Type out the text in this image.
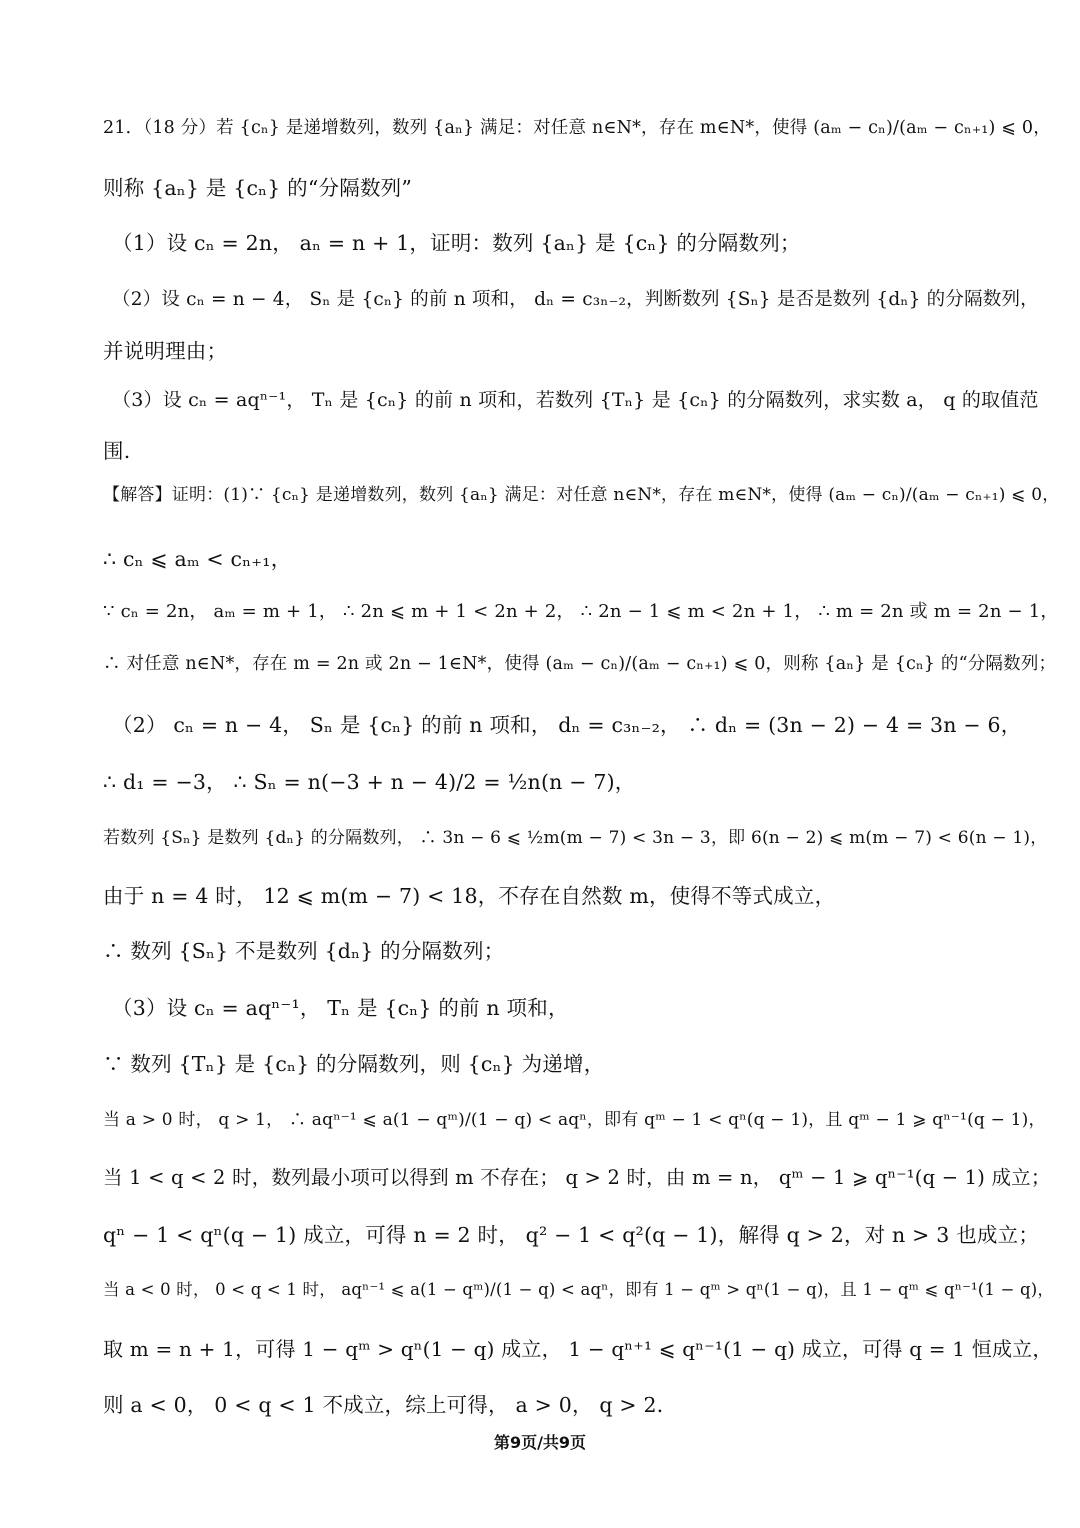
21．（18 分）若 {cₙ} 是递增数列，数列 {aₙ} 满足：对任意 n∈N*，存在 m∈N*，使得 (aₘ − cₙ)/(aₘ − cₙ₊₁) ⩽ 0，
则称 {aₙ} 是 {cₙ} 的“分隔数列”
（1）设 cₙ = 2n， aₙ = n + 1，证明：数列 {aₙ} 是 {cₙ} 的分隔数列；
（2）设 cₙ = n − 4， Sₙ 是 {cₙ} 的前 n 项和， dₙ = c₃ₙ₋₂，判断数列 {Sₙ} 是否是数列 {dₙ} 的分隔数列，
并说明理由；
（3）设 cₙ = aqⁿ⁻¹， Tₙ 是 {cₙ} 的前 n 项和，若数列 {Tₙ} 是 {cₙ} 的分隔数列，求实数 a， q 的取值范
围.
【解答】证明：(1)∵ {cₙ} 是递增数列，数列 {aₙ} 满足：对任意 n∈N*，存在 m∈N*，使得 (aₘ − cₙ)/(aₘ − cₙ₊₁) ⩽ 0，
∴ cₙ ⩽ aₘ < cₙ₊₁，
∵ cₙ = 2n， aₘ = m + 1， ∴ 2n ⩽ m + 1 < 2n + 2， ∴ 2n − 1 ⩽ m < 2n + 1， ∴ m = 2n 或 m = 2n − 1，
∴ 对任意 n∈N*，存在 m = 2n 或 2n − 1∈N*，使得 (aₘ − cₙ)/(aₘ − cₙ₊₁) ⩽ 0，则称 {aₙ} 是 {cₙ} 的“分隔数列；
（2） cₙ = n − 4， Sₙ 是 {cₙ} 的前 n 项和， dₙ = c₃ₙ₋₂， ∴ dₙ = (3n − 2) − 4 = 3n − 6，
∴ d₁ = −3， ∴ Sₙ = n(−3 + n − 4)/2 = ½n(n − 7)，
若数列 {Sₙ} 是数列 {dₙ} 的分隔数列， ∴ 3n − 6 ⩽ ½m(m − 7) < 3n − 3，即 6(n − 2) ⩽ m(m − 7) < 6(n − 1)，
由于 n = 4 时， 12 ⩽ m(m − 7) < 18，不存在自然数 m，使得不等式成立，
∴ 数列 {Sₙ} 不是数列 {dₙ} 的分隔数列；
（3）设 cₙ = aqⁿ⁻¹， Tₙ 是 {cₙ} 的前 n 项和，
∵ 数列 {Tₙ} 是 {cₙ} 的分隔数列，则 {cₙ} 为递增，
当 a > 0 时， q > 1， ∴ aqⁿ⁻¹ ⩽ a(1 − qᵐ)/(1 − q) < aqⁿ，即有 qᵐ − 1 < qⁿ(q − 1)，且 qᵐ − 1 ⩾ qⁿ⁻¹(q − 1)，
当 1 < q < 2 时，数列最小项可以得到 m 不存在； q > 2 时，由 m = n， qᵐ − 1 ⩾ qⁿ⁻¹(q − 1) 成立；
qⁿ − 1 < qⁿ(q − 1) 成立，可得 n = 2 时， q² − 1 < q²(q − 1)，解得 q > 2，对 n > 3 也成立；
当 a < 0 时， 0 < q < 1 时， aqⁿ⁻¹ ⩽ a(1 − qᵐ)/(1 − q) < aqⁿ，即有 1 − qᵐ > qⁿ(1 − q)，且 1 − qᵐ ⩽ qⁿ⁻¹(1 − q)，
取 m = n + 1，可得 1 − qᵐ > qⁿ(1 − q) 成立， 1 − qⁿ⁺¹ ⩽ qⁿ⁻¹(1 − q) 成立，可得 q = 1 恒成立，
则 a < 0， 0 < q < 1 不成立，综上可得， a > 0， q > 2．
第9页/共9页
